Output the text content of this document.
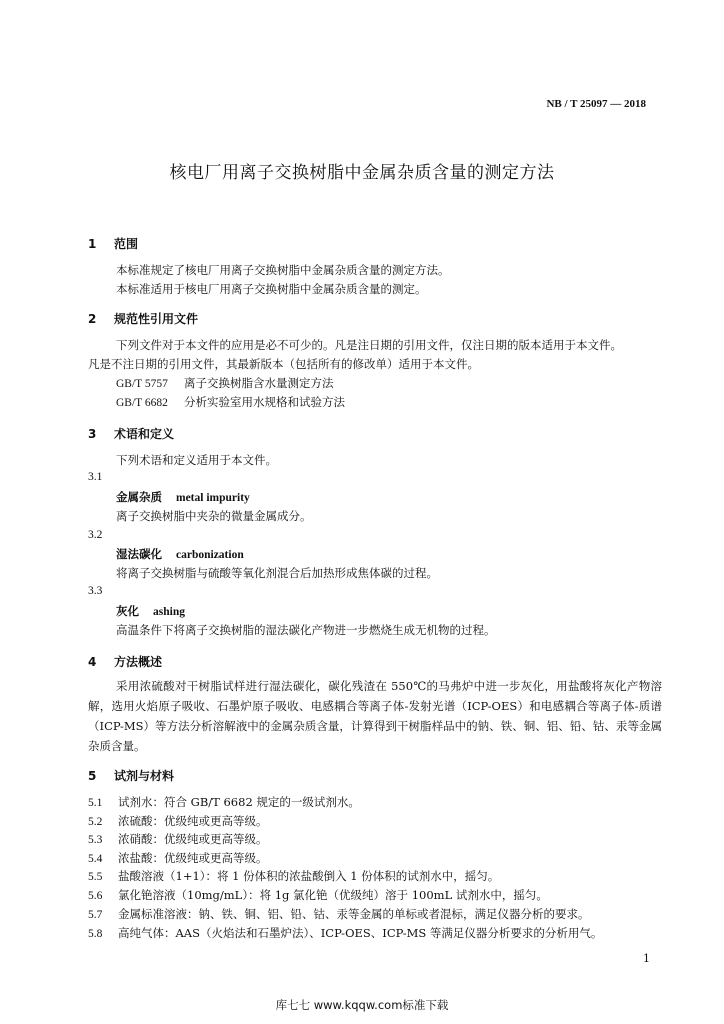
NB / T 25097 — 2018
核电厂用离子交换树脂中金属杂质含量的测定方法
1 范围
本标准规定了核电厂用离子交换树脂中金属杂质含量的测定方法。
本标准适用于核电厂用离子交换树脂中金属杂质含量的测定。
2 规范性引用文件
下列文件对于本文件的应用是必不可少的。凡是注日期的引用文件，仅注日期的版本适用于本文件。
凡是不注日期的引用文件，其最新版本（包括所有的修改单）适用于本文件。
GB/T 5757 离子交换树脂含水量测定方法
GB/T 6682 分析实验室用水规格和试验方法
3 术语和定义
下列术语和定义适用于本文件。
3.1
金属杂质 metal impurity
离子交换树脂中夹杂的微量金属成分。
3.2
湿法碳化 carbonization
将离子交换树脂与硫酸等氧化剂混合后加热形成焦体碳的过程。
3.3
灰化 ashing
高温条件下将离子交换树脂的湿法碳化产物进一步燃烧生成无机物的过程。
4 方法概述
采用浓硫酸对干树脂试样进行湿法碳化，碳化残渣在 550℃的马弗炉中进一步灰化，用盐酸将灰化产物溶解，选用火焰原子吸收、石墨炉原子吸收、电感耦合等离子体-发射光谱（ICP-OES）和电感耦合等离子体-质谱（ICP-MS）等方法分析溶解液中的金属杂质含量，计算得到干树脂样品中的钠、铁、铜、铝、铅、钴、汞等金属杂质含量。
5 试剂与材料
5.1 试剂水：符合 GB/T 6682 规定的一级试剂水。
5.2 浓硫酸：优级纯或更高等级。
5.3 浓硝酸：优级纯或更高等级。
5.4 浓盐酸：优级纯或更高等级。
5.5 盐酸溶液（1+1）：将 1 份体积的浓盐酸倒入 1 份体积的试剂水中，摇匀。
5.6 氯化铯溶液（10mg/mL）：将 1g 氯化铯（优级纯）溶于 100mL 试剂水中，摇匀。
5.7 金属标准溶液：钠、铁、铜、铝、铅、钴、汞等金属的单标或者混标，满足仪器分析的要求。
5.8 高纯气体：AAS（火焰法和石墨炉法）、ICP-OES、ICP-MS 等满足仪器分析要求的分析用气。
1
库七七 www.kqqw.com标准下载
